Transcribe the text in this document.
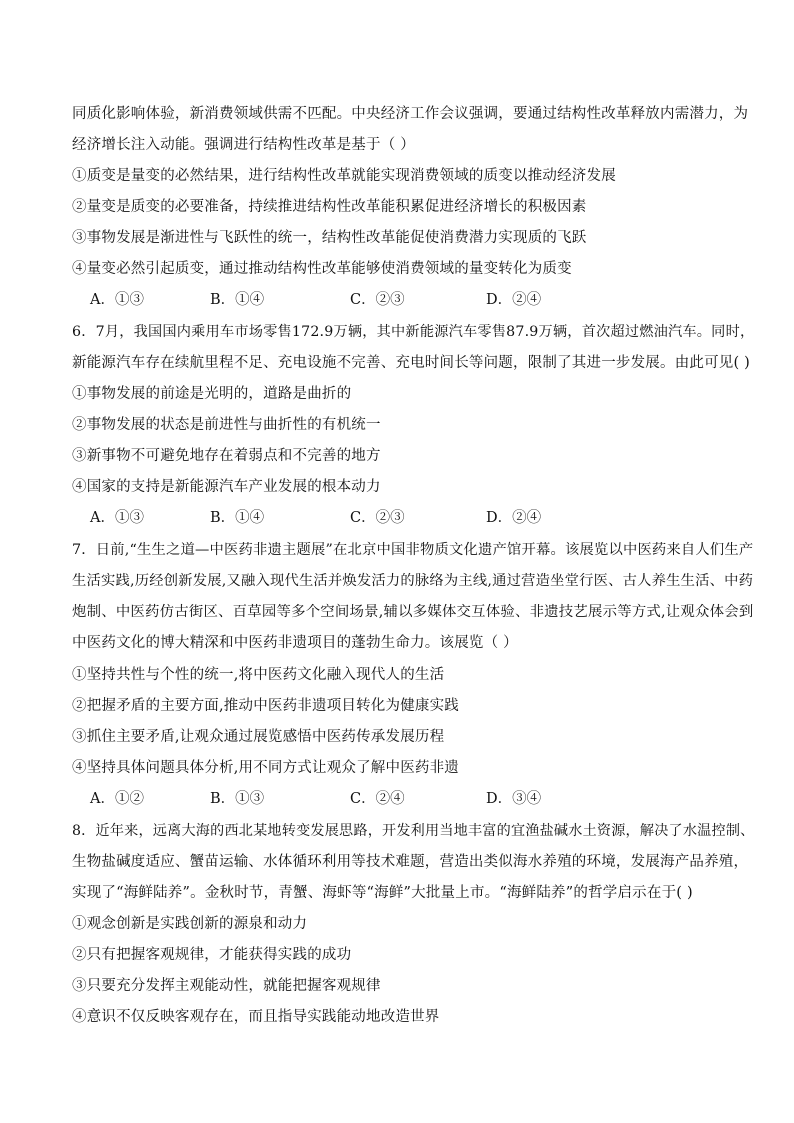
同质化影响体验，新消费领域供需不匹配。中央经济工作会议强调，要通过结构性改革释放内需潜力，为
经济增长注入动能。强调进行结构性改革是基于（ ）
①质变是量变的必然结果，进行结构性改革就能实现消费领域的质变以推动经济发展
②量变是质变的必要准备，持续推进结构性改革能积累促进经济增长的积极因素
③事物发展是渐进性与飞跃性的统一，结构性改革能促使消费潜力实现质的飞跃
④量变必然引起质变，通过推动结构性改革能够使消费领域的量变转化为质变
A．①③	B．①④	C．②③	D．②④
6．7月，我国国内乘用车市场零售172.9万辆，其中新能源汽车零售87.9万辆，首次超过燃油汽车。同时，
新能源汽车存在续航里程不足、充电设施不完善、充电时间长等问题，限制了其进一步发展。由此可见( )
①事物发展的前途是光明的，道路是曲折的
②事物发展的状态是前进性与曲折性的有机统一
③新事物不可避免地存在着弱点和不完善的地方
④国家的支持是新能源汽车产业发展的根本动力
A．①③	B．①④	C．②③	D．②④
7．日前,“生生之道—中医药非遗主题展”在北京中国非物质文化遗产馆开幕。该展览以中医药来自人们生产
生活实践,历经创新发展,又融入现代生活并焕发活力的脉络为主线,通过营造坐堂行医、古人养生生活、中药
炮制、中医药仿古街区、百草园等多个空间场景,辅以多媒体交互体验、非遗技艺展示等方式,让观众体会到
中医药文化的博大精深和中医药非遗项目的蓬勃生命力。该展览（ ）
①坚持共性与个性的统一,将中医药文化融入现代人的生活
②把握矛盾的主要方面,推动中医药非遗项目转化为健康实践
③抓住主要矛盾,让观众通过展览感悟中医药传承发展历程
④坚持具体问题具体分析,用不同方式让观众了解中医药非遗
A．①②	B．①③	C．②④	D．③④
8．近年来，远离大海的西北某地转变发展思路，开发利用当地丰富的宜渔盐碱水土资源，解决了水温控制、
生物盐碱度适应、蟹苗运输、水体循环利用等技术难题，营造出类似海水养殖的环境，发展海产品养殖，
实现了“海鲜陆养”。金秋时节，青蟹、海虾等“海鲜”大批量上市。“海鲜陆养”的哲学启示在于( )
①观念创新是实践创新的源泉和动力
②只有把握客观规律，才能获得实践的成功
③只要充分发挥主观能动性，就能把握客观规律
④意识不仅反映客观存在，而且指导实践能动地改造世界
